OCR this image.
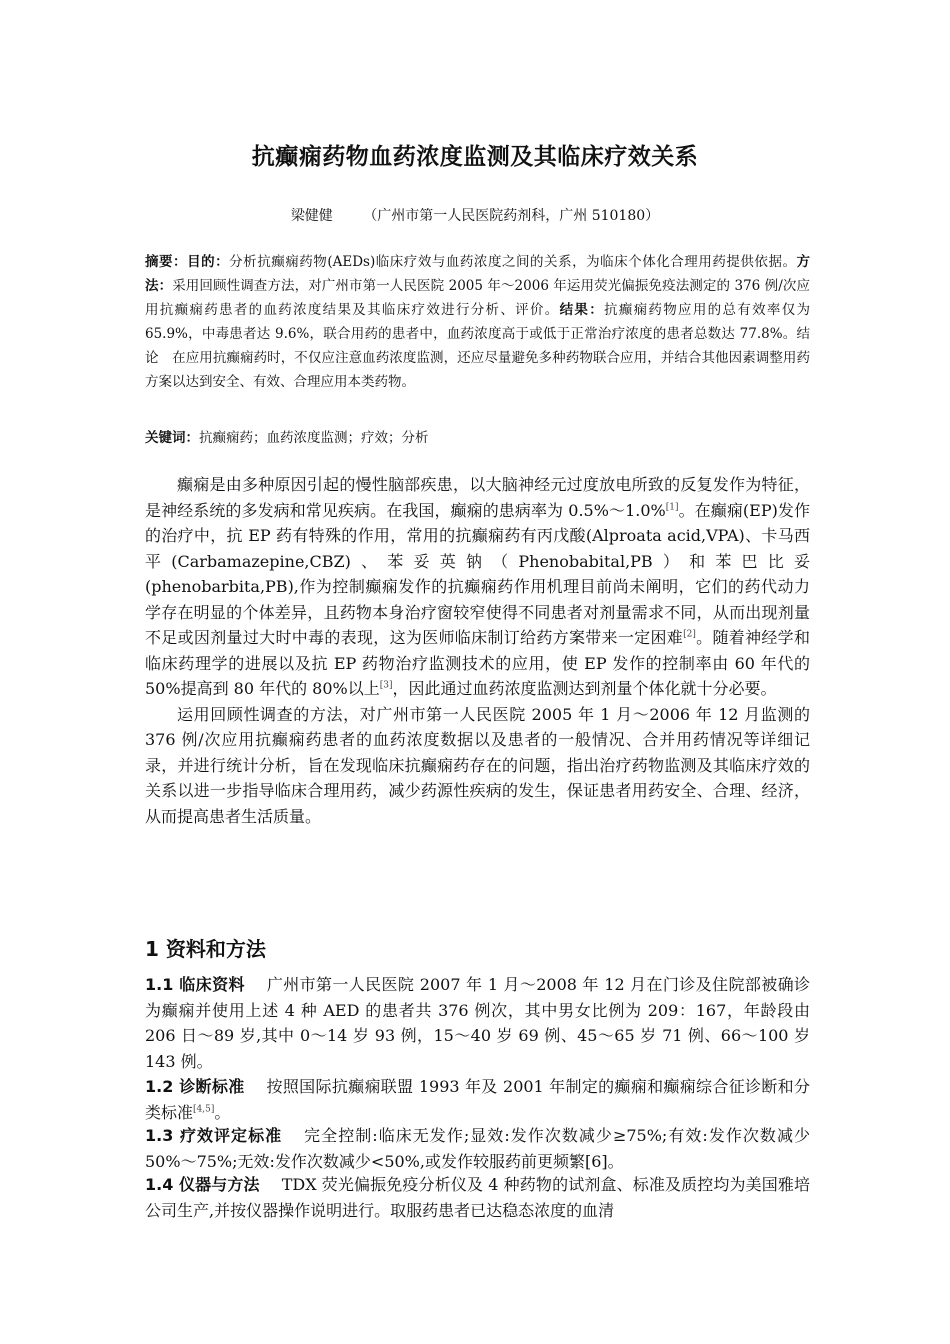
抗癫痫药物血药浓度监测及其临床疗效关系
梁健健 （广州市第一人民医院药剂科，广州 510180）
摘要：目的：分析抗癫痫药物(AEDs)临床疗效与血药浓度之间的关系，为临床个体化合理用药提供依据。方法：采用回顾性调查方法，对广州市第一人民医院 2005 年～2006 年运用荧光偏振免疫法测定的 376 例/次应用抗癫痫药患者的血药浓度结果及其临床疗效进行分析、评价。结果：抗癫痫药物应用的总有效率仅为 65.9%，中毒患者达 9.6%，联合用药的患者中，血药浓度高于或低于正常治疗浓度的患者总数达 77.8%。结论　在应用抗癫痫药时，不仅应注意血药浓度监测，还应尽量避免多种药物联合应用，并结合其他因素调整用药方案以达到安全、有效、合理应用本类药物。
关键词：抗癫痫药；血药浓度监测；疗效；分析

癫痫是由多种原因引起的慢性脑部疾患，以大脑神经元过度放电所致的反复发作为特征，是神经系统的多发病和常见疾病。在我国，癫痫的患病率为 0.5%～1.0%[1]。在癫痫(EP)发作的治疗中，抗 EP 药有特殊的作用，常用的抗癫痫药有丙戊酸(Alproata acid,VPA)、卡马西平(Carbamazepine,CBZ)、苯妥英钠（Phenobabital,PB）和苯巴比妥(phenobarbita,PB),作为控制癫痫发作的抗癫痫药作用机理目前尚未阐明，它们的药代动力学存在明显的个体差异，且药物本身治疗窗较窄使得不同患者对剂量需求不同，从而出现剂量不足或因剂量过大时中毒的表现，这为医师临床制订给药方案带来一定困难[2]。随着神经学和临床药理学的进展以及抗 EP 药物治疗监测技术的应用，使 EP 发作的控制率由 60 年代的 50%提高到 80 年代的 80%以上[3]，因此通过血药浓度监测达到剂量个体化就十分必要。

运用回顾性调查的方法，对广州市第一人民医院 2005 年 1 月～2006 年 12 月监测的 376 例/次应用抗癫痫药患者的血药浓度数据以及患者的一般情况、合并用药情况等详细记录，并进行统计分析，旨在发现临床抗癫痫药存在的问题，指出治疗药物监测及其临床疗效的关系以进一步指导临床合理用药，减少药源性疾病的发生，保证患者用药安全、合理、经济，从而提高患者生活质量。

1 资料和方法
1.1 临床资料 广州市第一人民医院 2007 年 1 月～2008 年 12 月在门诊及住院部被确诊为癫痫并使用上述 4 种 AED 的患者共 376 例次，其中男女比例为 209：167，年龄段由 206 日～89 岁,其中 0～14 岁 93 例，15～40 岁 69 例、45～65 岁 71 例、66～100 岁 143 例。
1.2 诊断标准 按照国际抗癫痫联盟 1993 年及 2001 年制定的癫痫和癫痫综合征诊断和分类标准[4,5]。
1.3 疗效评定标准 完全控制:临床无发作;显效:发作次数减少≥75%;有效:发作次数减少 50%～75%;无效:发作次数减少<50%,或发作较服药前更频繁[6]。
1.4 仪器与方法 TDX 荧光偏振免疫分析仪及 4 种药物的试剂盒、标准及质控均为美国雅培公司生产,并按仪器操作说明进行。取服药患者已达稳态浓度的血清
